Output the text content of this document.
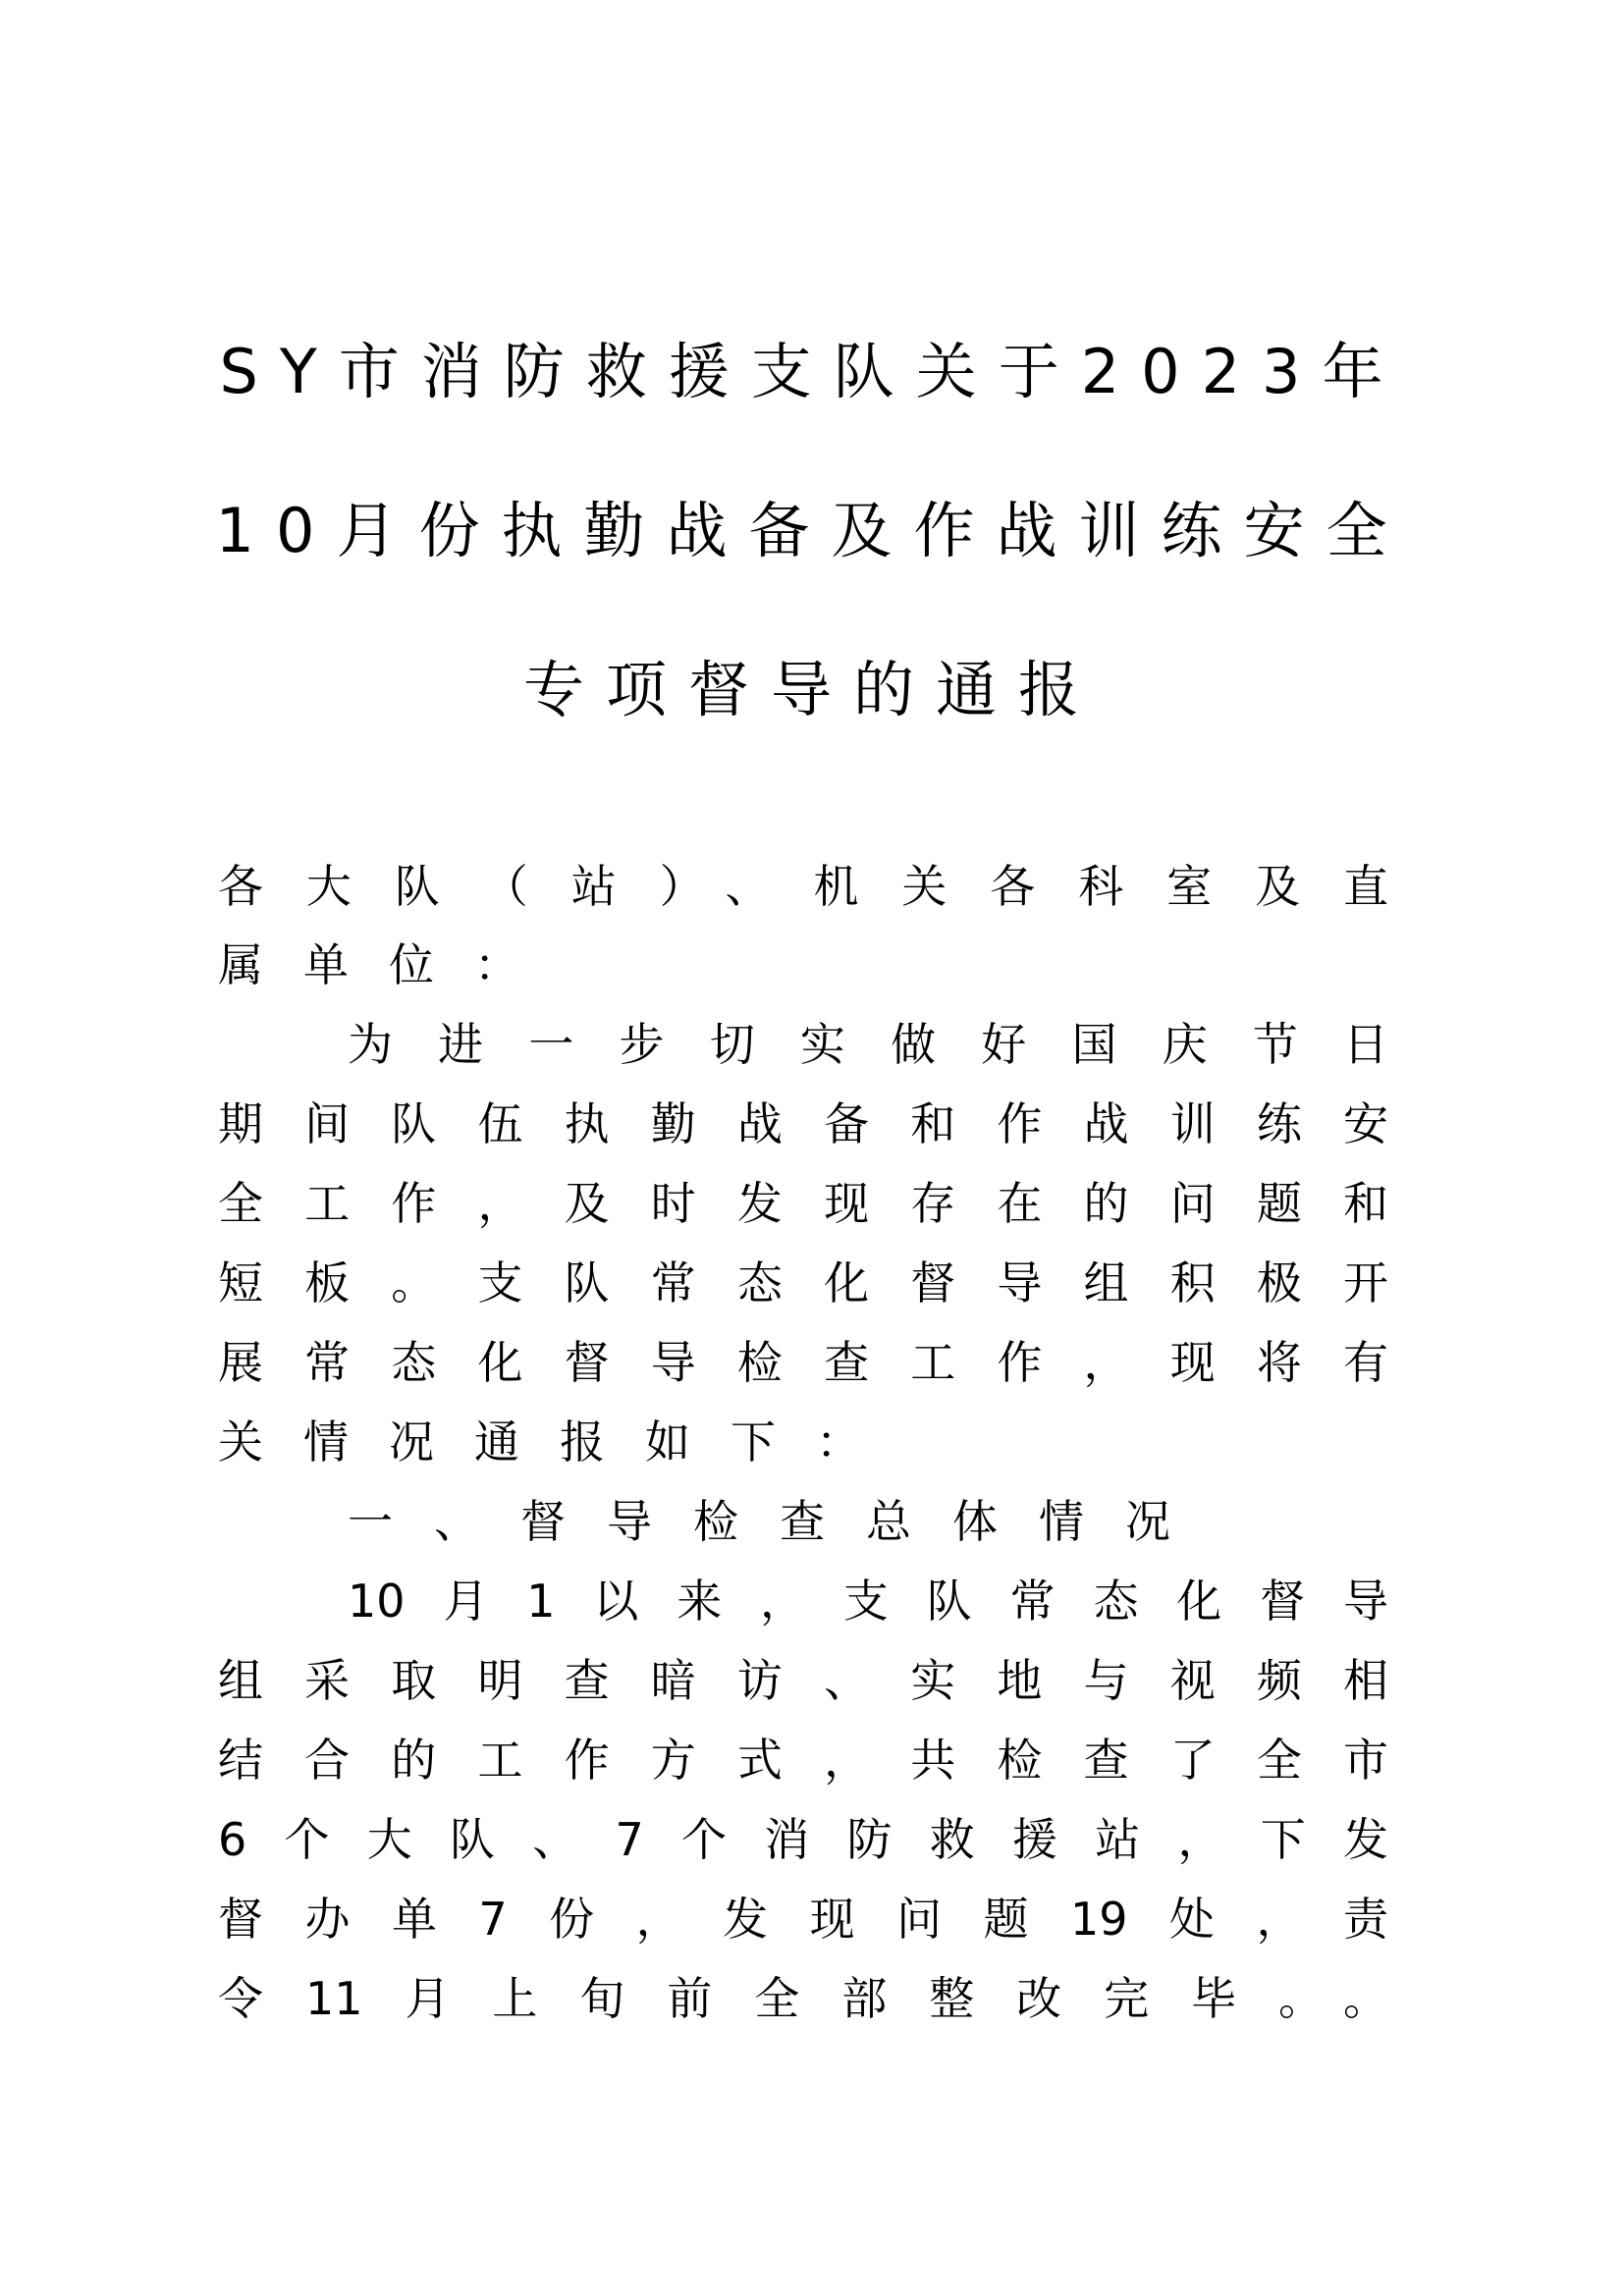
SY市消防救援支队关于2023年
10月份执勤战备及作战训练安全
专项督导的通报
各大队（站）、机关各科室及直
属单位：
为进一步切实做好国庆节日
期间队伍执勤战备和作战训练安
全工作，及时发现存在的问题和
短板。支队常态化督导组积极开
展常态化督导检查工作，现将有
关情况通报如下：
一、督导检查总体情况
10月1以来，支队常态化督导
组采取明查暗访、实地与视频相
结合的工作方式，共检查了全市
6个大队、7个消防救援站，下发
督办单7份，发现问题19处，责
令11月上旬前全部整改完毕。。
